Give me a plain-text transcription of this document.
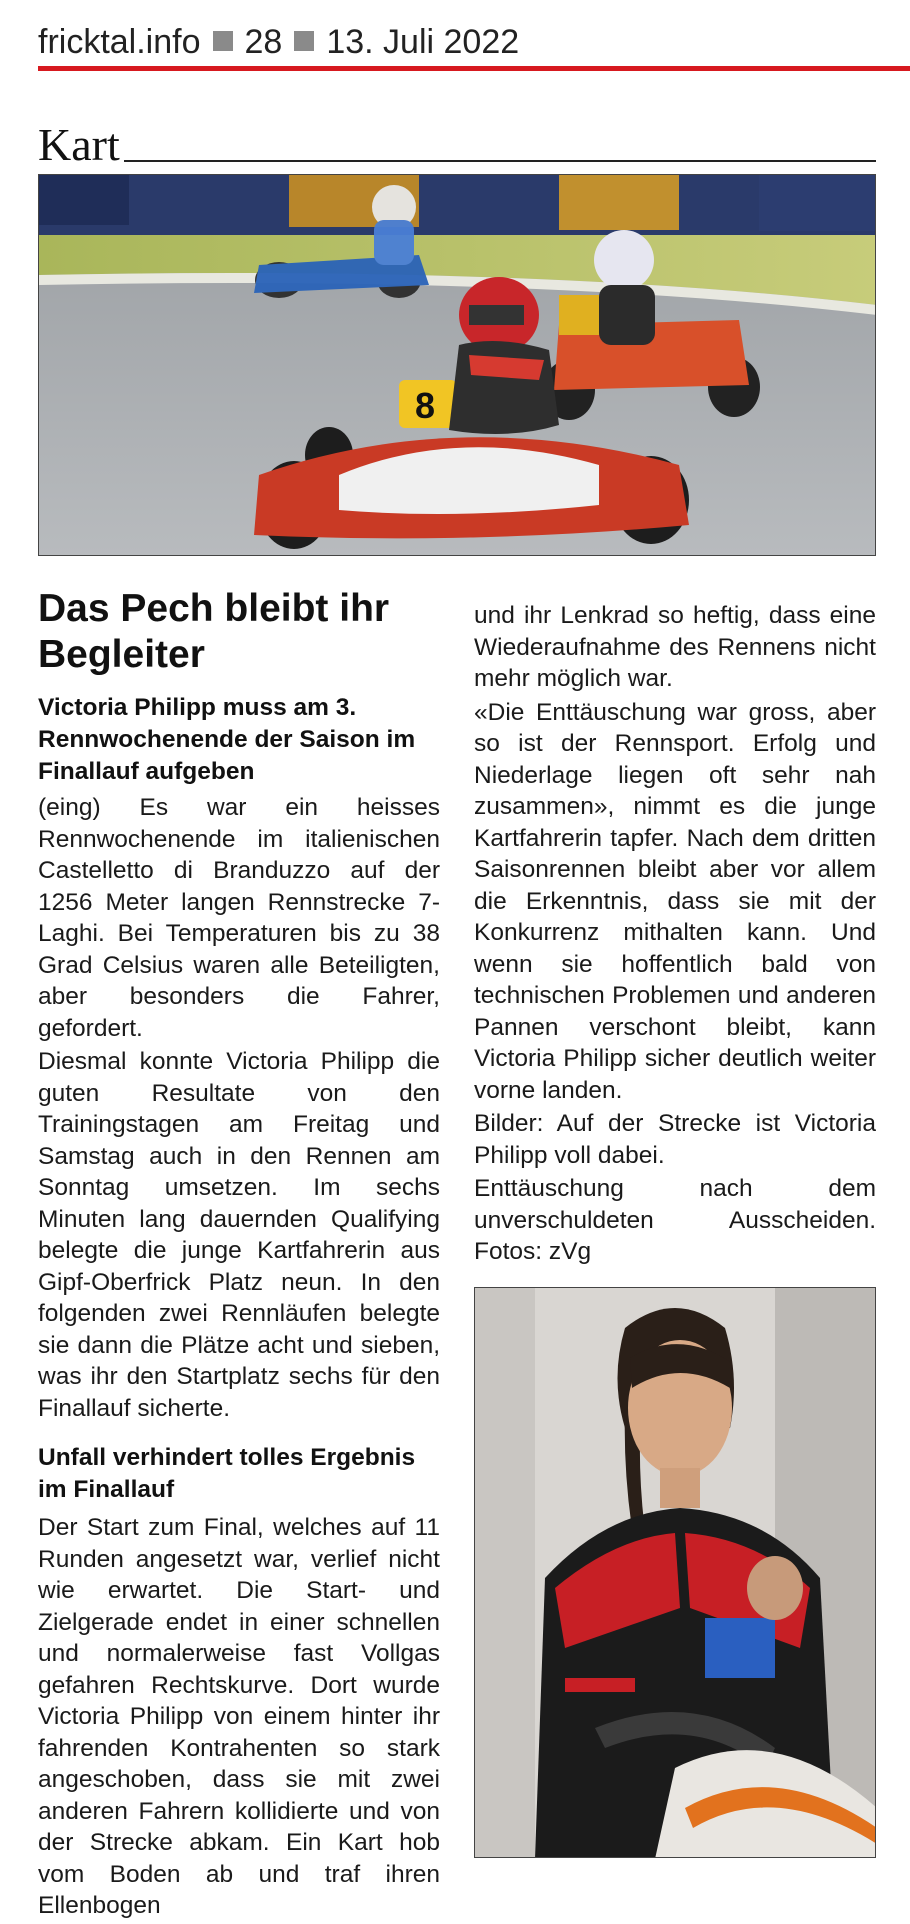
fricktal.info 28 13. Juli 2022
Kart
8
Das Pech bleibt ihr Begleiter
Victoria Philipp muss am 3. Rennwochenende der Saison im Finallauf aufgeben

(eing) Es war ein heisses Rennwochenende im italienischen Castelletto di Branduzzo auf der 1256 Meter langen Rennstrecke 7-Laghi. Bei Temperaturen bis zu 38 Grad Celsius waren alle Beteiligten, aber besonders die Fahrer, gefordert.

Diesmal konnte Victoria Philipp die guten Resultate von den Trainingstagen am Freitag und Samstag auch in den Rennen am Sonntag umsetzen. Im sechs Minuten lang dauernden Qualifying belegte die junge Kartfahrerin aus Gipf-Oberfrick Platz neun. In den folgenden zwei Rennläufen belegte sie dann die Plätze acht und sieben, was ihr den Startplatz sechs für den Finallauf sicherte.

Unfall verhindert tolles Ergebnis im Finallauf

Der Start zum Final, welches auf 11 Runden angesetzt war, verlief nicht wie erwartet. Die Start- und Zielgerade endet in einer schnellen und normalerweise fast Vollgas gefahren Rechtskurve. Dort wurde Victoria Philipp von einem hinter ihr fahrenden Kontrahenten so stark angeschoben, dass sie mit zwei anderen Fahrern kollidierte und von der Strecke abkam. Ein Kart hob vom Boden ab und traf ihren Ellenbogen

und ihr Lenkrad so heftig, dass eine Wiederaufnahme des Rennens nicht mehr möglich war.

«Die Enttäuschung war gross, aber so ist der Rennsport. Erfolg und Niederlage liegen oft sehr nah zusammen», nimmt es die junge Kartfahrerin tapfer. Nach dem dritten Saisonrennen bleibt aber vor allem die Erkenntnis, dass sie mit der Konkurrenz mithalten kann. Und wenn sie hoffentlich bald von technischen Problemen und anderen Pannen verschont bleibt, kann Victoria Philipp sicher deutlich weiter vorne landen.

Bilder: Auf der Strecke ist Victoria Philipp voll dabei.

Enttäuschung nach dem unverschuldeten Ausscheiden. Fotos: zVg
